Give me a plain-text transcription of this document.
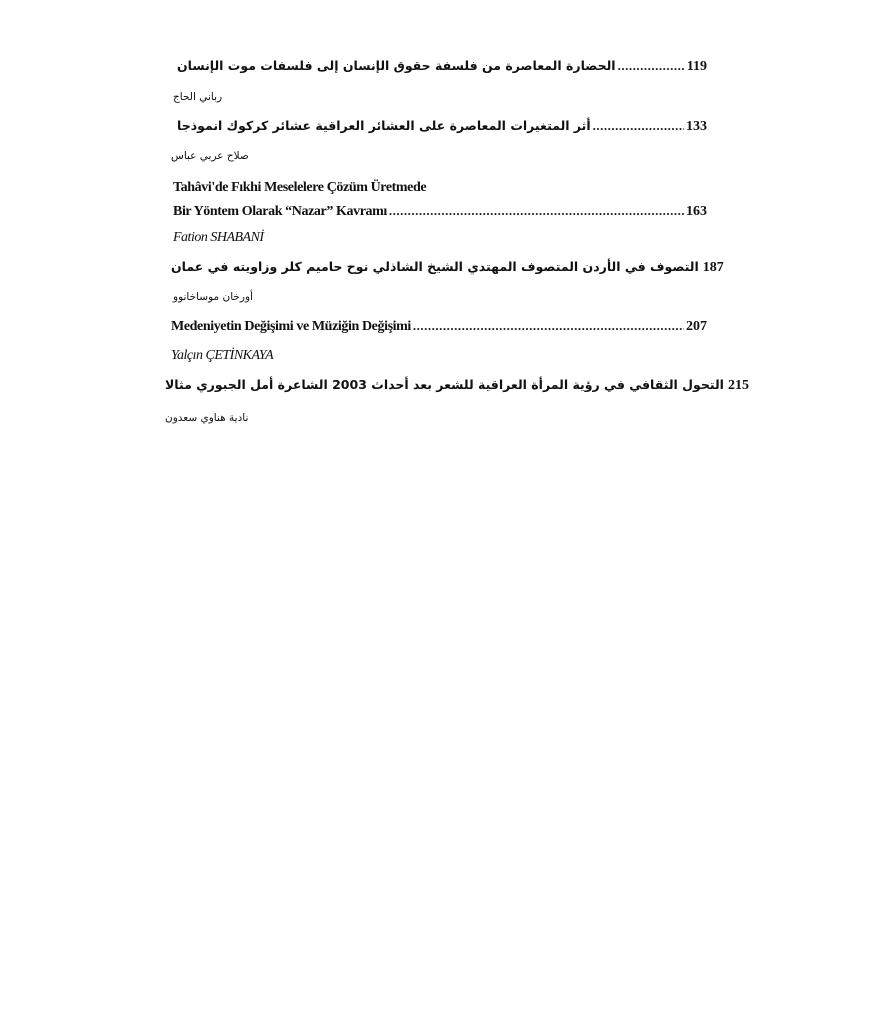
الحضارة المعاصرة من فلسفة حقوق الإنسان إلى فلسفات موت الإنسان .....	119
رباني الحاج
أثر المتغيرات المعاصرة على العشائر العراقية عشائر كركوك انموذجا .....	133
صلاح عربي عباس
Tahâvi'de Fıkhi Meselelere Çözüm Üretmede
Bir Yöntem Olarak “Nazar” Kavramı .....	163
Fation SHABANİ
التصوف في الأردن المتصوف المهتدي الشيخ الشاذلي نوح حاميم كلر وزاويته في عمان 187
أورخان موساخانوو
Medeniyetin Değişimi ve Müziğin Değişimi .....	207
Yalçın ÇETİNKAYA
التحول الثقافي في رؤية المرأة العراقية للشعر بعد أحداث 2003 الشاعرة أمل الجبوري مثالا 215
نادية هناوي سعدون
